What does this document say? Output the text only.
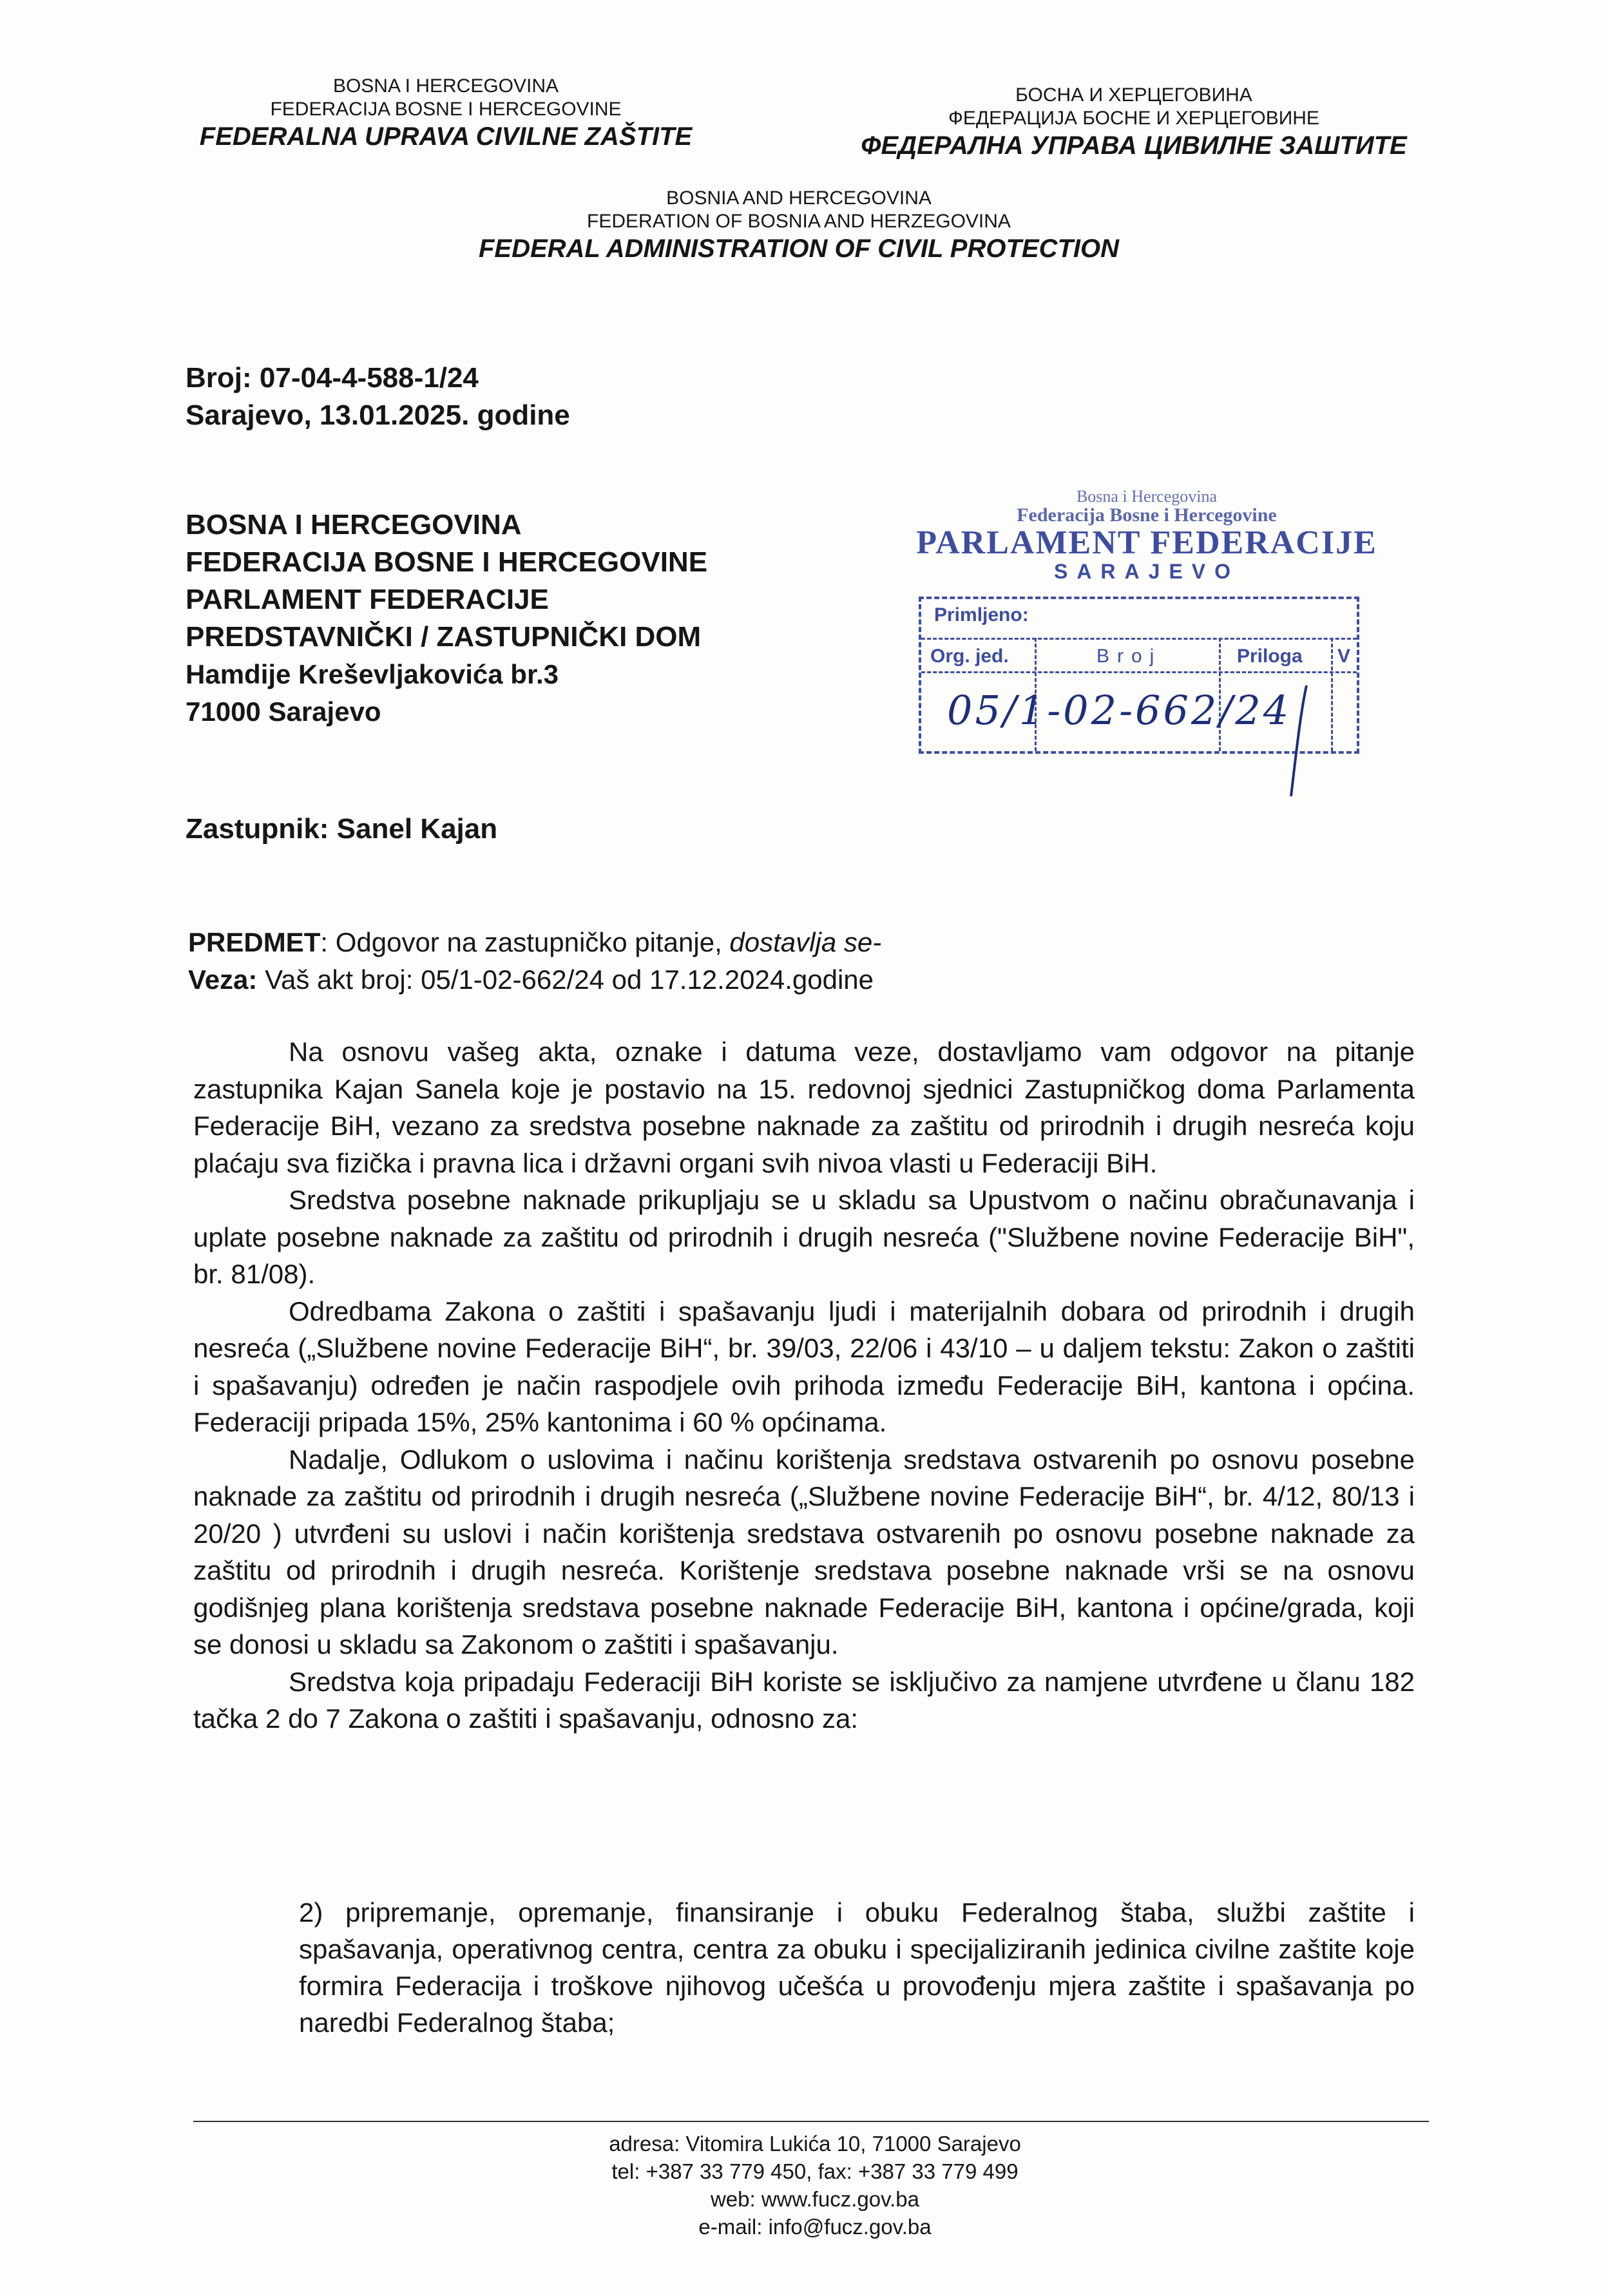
BOSNA I HERCEGOVINA
FEDERACIJA BOSNE I HERCEGOVINE
FEDERALNA UPRAVA CIVILNE ZAŠTITE
БОСНА И ХЕРЦЕГОВИНА
ФЕДЕРАЦИЈА БОСНЕ И ХЕРЦЕГОВИНЕ
ФЕДЕРАЛНА УПРАВА ЦИВИЛНЕ ЗАШТИТЕ
BOSNIA AND HERCEGOVINA
FEDERATION OF BOSNIA AND HERZEGOVINA
FEDERAL ADMINISTRATION OF CIVIL PROTECTION
Broj: 07-04-4-588-1/24
Sarajevo, 13.01.2025. godine
BOSNA I HERCEGOVINA
FEDERACIJA BOSNE I HERCEGOVINE
PARLAMENT FEDERACIJE
PREDSTAVNIČKI / ZASTUPNIČKI DOM
Hamdije Kreševljakovića br.3
71000 Sarajevo
Bosna i Hercegovina
Federacija Bosne i Hercegovine
PARLAMENT FEDERACIJE
SARAJEVO
Primljeno:
Org. jed.	Broj	Priloga V
05/1-02-662/24
Zastupnik: Sanel Kajan
PREDMET: Odgovor na zastupničko pitanje, dostavlja se-
Veza: Vaš akt broj: 05/1-02-662/24 od 17.12.2024.godine

Na osnovu vašeg akta, oznake i datuma veze, dostavljamo vam odgovor na pitanje zastupnika Kajan Sanela koje je postavio na 15. redovnoj sjednici Zastupničkog doma Parlamenta Federacije BiH, vezano za sredstva posebne naknade za zaštitu od prirodnih i drugih nesreća koju plaćaju sva fizička i pravna lica i državni organi svih nivoa vlasti u Federaciji BiH.

Sredstva posebne naknade prikupljaju se u skladu sa Upustvom o načinu obračunavanja i uplate posebne naknade za zaštitu od prirodnih i drugih nesreća ("Službene novine Federacije BiH", br. 81/08).

Odredbama Zakona o zaštiti i spašavanju ljudi i materijalnih dobara od prirodnih i drugih nesreća („Službene novine Federacije BiH“, br. 39/03, 22/06 i 43/10 – u daljem tekstu: Zakon o zaštiti i spašavanju) određen je način raspodjele ovih prihoda između Federacije BiH, kantona i općina. Federaciji pripada 15%, 25% kantonima i 60 % općinama.

Nadalje, Odlukom o uslovima i načinu korištenja sredstava ostvarenih po osnovu posebne naknade za zaštitu od prirodnih i drugih nesreća („Službene novine Federacije BiH“, br. 4/12, 80/13 i 20/20 ) utvrđeni su uslovi i način korištenja sredstava ostvarenih po osnovu posebne naknade za zaštitu od prirodnih i drugih nesreća. Korištenje sredstava posebne naknade vrši se na osnovu godišnjeg plana korištenja sredstava posebne naknade Federacije BiH, kantona i općine/grada, koji se donosi u skladu sa Zakonom o zaštiti i spašavanju.

Sredstva koja pripadaju Federaciji BiH koriste se isključivo za namjene utvrđene u članu 182 tačka 2 do 7 Zakona o zaštiti i spašavanju, odnosno za:

2) pripremanje, opremanje, finansiranje i obuku Federalnog štaba, službi zaštite i                        spašavanja, operativnog centra, centra za obuku i specijaliziranih jedinica civilne zaštite koje formira Federacija i troškove njihovog učešća u provođenju mjera zaštite i spašavanja po naredbi Federalnog štaba;
adresa: Vitomira Lukića 10, 71000 Sarajevo
tel: +387 33 779 450, fax: +387 33 779 499
web: www.fucz.gov.ba
e-mail: info@fucz.gov.ba
